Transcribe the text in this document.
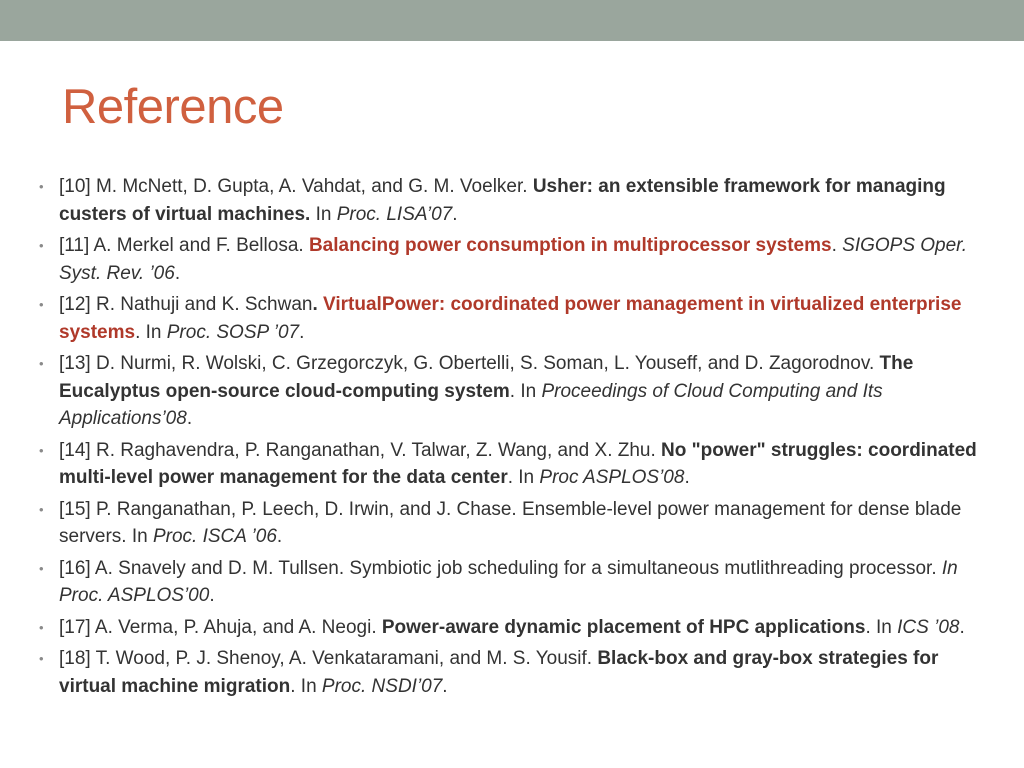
Reference
• [10] M. McNett, D. Gupta, A. Vahdat, and G. M. Voelker. Usher: an extensible framework for managing custers of virtual machines. In Proc. LISA’07.
• [11] A. Merkel and F. Bellosa. Balancing power consumption in multiprocessor systems. SIGOPS Oper. Syst. Rev. ’06.
• [12] R. Nathuji and K. Schwan. VirtualPower: coordinated power management in virtualized enterprise systems. In Proc. SOSP ’07.
• [13] D. Nurmi, R. Wolski, C. Grzegorczyk, G. Obertelli, S. Soman, L. Youseff, and D. Zagorodnov. The Eucalyptus open-source cloud-computing system. In Proceedings of Cloud Computing and Its Applications’08.
• [14] R. Raghavendra, P. Ranganathan, V. Talwar, Z. Wang, and X. Zhu. No "power" struggles: coordinated multi-level power management for the data center. In Proc ASPLOS’08.
• [15] P. Ranganathan, P. Leech, D. Irwin, and J. Chase. Ensemble-level power management for dense blade servers. In Proc. ISCA ’06.
• [16] A. Snavely and D. M. Tullsen. Symbiotic job scheduling for a simultaneous mutlithreading processor. In Proc. ASPLOS’00.
• [17] A. Verma, P. Ahuja, and A. Neogi. Power-aware dynamic placement of HPC applications. In ICS ’08.
• [18] T. Wood, P. J. Shenoy, A. Venkataramani, and M. S. Yousif. Black-box and gray-box strategies for virtual machine migration. In Proc. NSDI’07.
